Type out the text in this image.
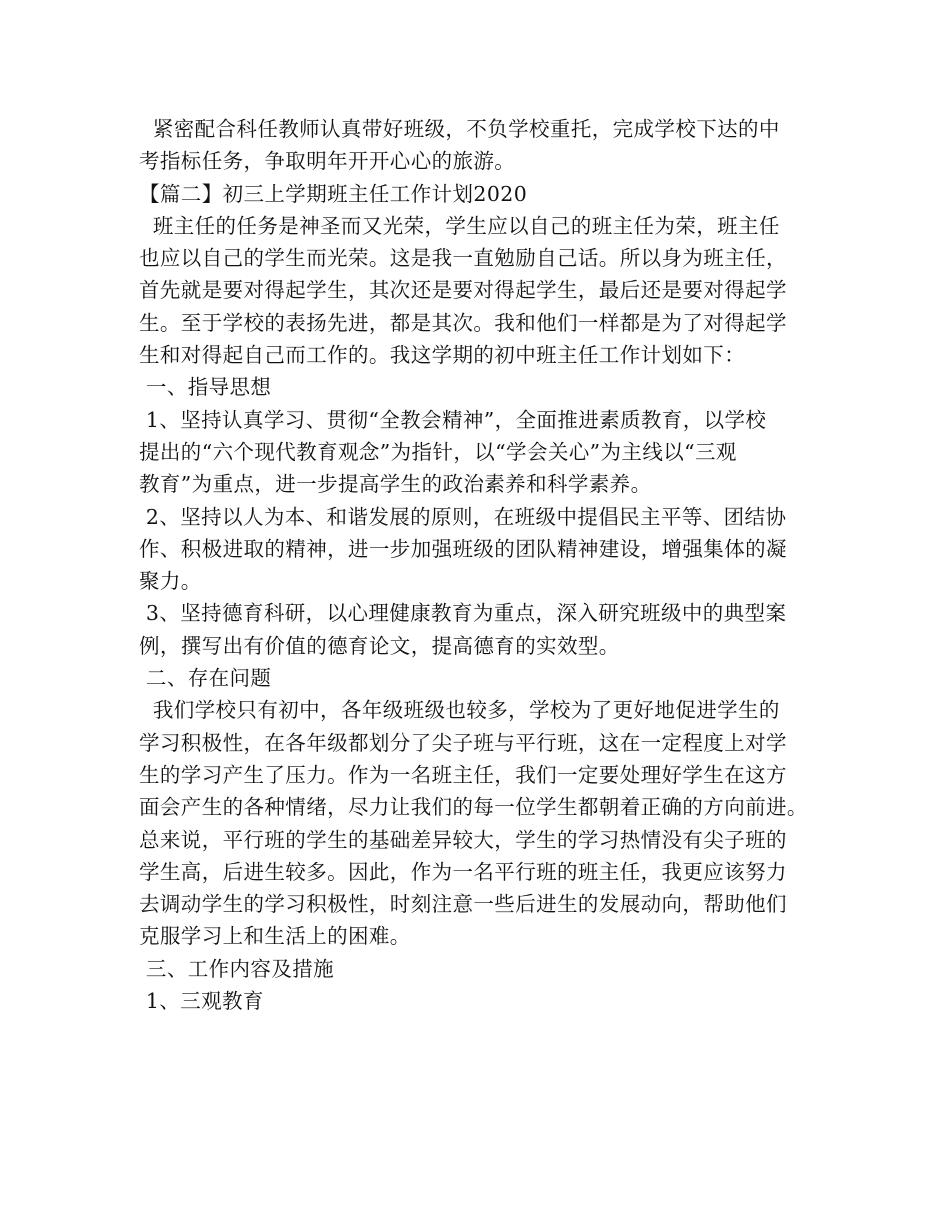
紧密配合科任教师认真带好班级，不负学校重托，完成学校下达的中
考指标任务，争取明年开开心心的旅游。
【篇二】初三上学期班主任工作计划2020
班主任的任务是神圣而又光荣，学生应以自己的班主任为荣，班主任
也应以自己的学生而光荣。这是我一直勉励自己话。所以身为班主任，
首先就是要对得起学生，其次还是要对得起学生，最后还是要对得起学
生。至于学校的表扬先进，都是其次。我和他们一样都是为了对得起学
生和对得起自己而工作的。我这学期的初中班主任工作计划如下：
一、指导思想
1、坚持认真学习、贯彻“全教会精神”，全面推进素质教育，以学校
提出的“六个现代教育观念”为指针，以“学会关心”为主线以“三观
教育”为重点，进一步提高学生的政治素养和科学素养。
2、坚持以人为本、和谐发展的原则，在班级中提倡民主平等、团结协
作、积极进取的精神，进一步加强班级的团队精神建设，增强集体的凝
聚力。
3、坚持德育科研，以心理健康教育为重点，深入研究班级中的典型案
例，撰写出有价值的德育论文，提高德育的实效型。
二、存在问题
我们学校只有初中，各年级班级也较多，学校为了更好地促进学生的
学习积极性，在各年级都划分了尖子班与平行班，这在一定程度上对学
生的学习产生了压力。作为一名班主任，我们一定要处理好学生在这方
面会产生的各种情绪，尽力让我们的每一位学生都朝着正确的方向前进。
总来说，平行班的学生的基础差异较大，学生的学习热情没有尖子班的
学生高，后进生较多。因此，作为一名平行班的班主任，我更应该努力
去调动学生的学习积极性，时刻注意一些后进生的发展动向，帮助他们
克服学习上和生活上的困难。
三、工作内容及措施
1、三观教育
